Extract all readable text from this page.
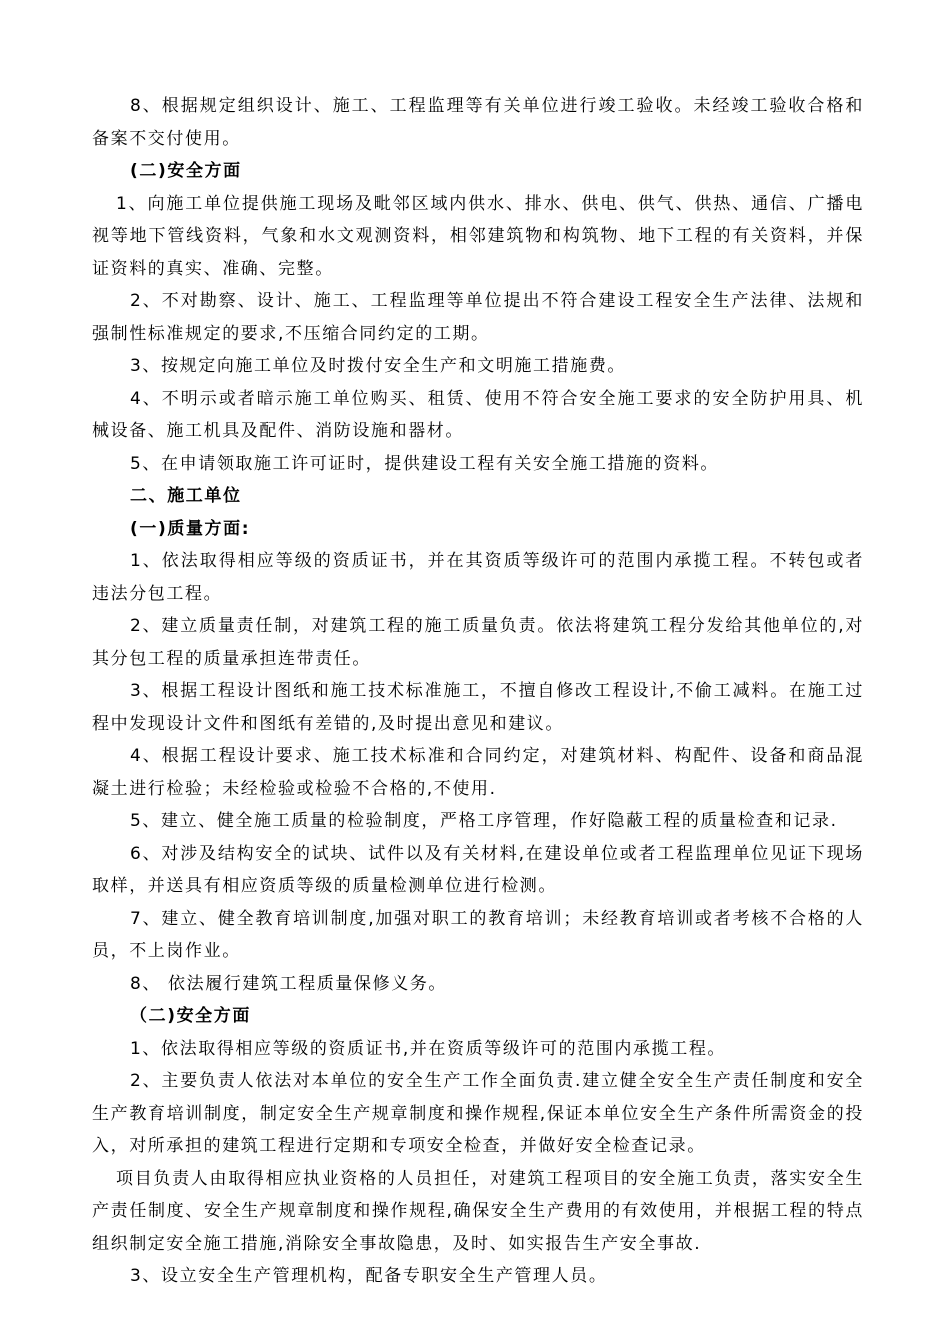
8、根据规定组织设计、施工、工程监理等有关单位进行竣工验收。未经竣工验收合格和备案不交付使用。

(二)安全方面

1、向施工单位提供施工现场及毗邻区域内供水、排水、供电、供气、供热、通信、广播电视等地下管线资料，气象和水文观测资料，相邻建筑物和构筑物、地下工程的有关资料，并保证资料的真实、准确、完整。

2、不对勘察、设计、施工、工程监理等单位提出不符合建设工程安全生产法律、法规和强制性标准规定的要求,不压缩合同约定的工期。

3、按规定向施工单位及时拨付安全生产和文明施工措施费。

4、不明示或者暗示施工单位购买、租赁、使用不符合安全施工要求的安全防护用具、机械设备、施工机具及配件、消防设施和器材。

5、在申请领取施工许可证时，提供建设工程有关安全施工措施的资料。

二、施工单位

(一)质量方面:

1、依法取得相应等级的资质证书，并在其资质等级许可的范围内承揽工程。不转包或者违法分包工程。

2、建立质量责任制，对建筑工程的施工质量负责。依法将建筑工程分发给其他单位的,对其分包工程的质量承担连带责任。

3、根据工程设计图纸和施工技术标准施工，不擅自修改工程设计,不偷工减料。在施工过程中发现设计文件和图纸有差错的,及时提出意见和建议。

4、根据工程设计要求、施工技术标准和合同约定，对建筑材料、构配件、设备和商品混凝土进行检验；未经检验或检验不合格的,不使用.

5、建立、健全施工质量的检验制度，严格工序管理，作好隐蔽工程的质量检查和记录.

6、对涉及结构安全的试块、试件以及有关材料,在建设单位或者工程监理单位见证下现场取样，并送具有相应资质等级的质量检测单位进行检测。

7、建立、健全教育培训制度,加强对职工的教育培训；未经教育培训或者考核不合格的人员，不上岗作业。

8、 依法履行建筑工程质量保修义务。

（二)安全方面

1、依法取得相应等级的资质证书,并在资质等级许可的范围内承揽工程。

2、主要负责人依法对本单位的安全生产工作全面负责.建立健全安全生产责任制度和安全生产教育培训制度，制定安全生产规章制度和操作规程,保证本单位安全生产条件所需资金的投入，对所承担的建筑工程进行定期和专项安全检查，并做好安全检查记录。

项目负责人由取得相应执业资格的人员担任，对建筑工程项目的安全施工负责，落实安全生产责任制度、安全生产规章制度和操作规程,确保安全生产费用的有效使用，并根据工程的特点组织制定安全施工措施,消除安全事故隐患，及时、如实报告生产安全事故.

3、设立安全生产管理机构，配备专职安全生产管理人员。
